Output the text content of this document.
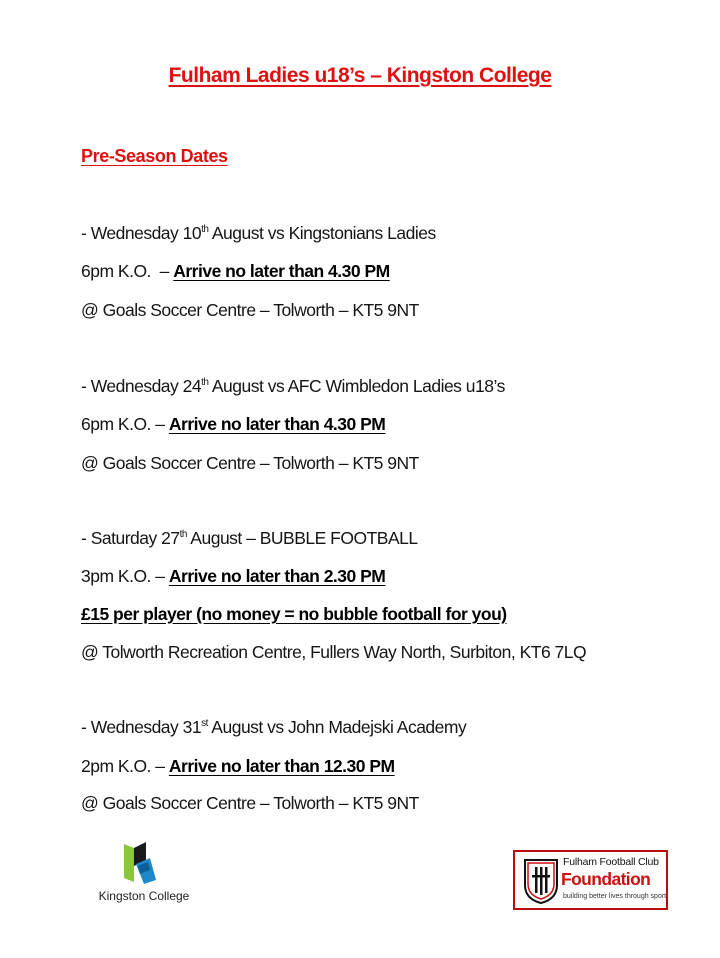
Fulham Ladies u18’s – Kingston College
Pre-Season Dates
- Wednesday 10th August vs Kingstonians Ladies
6pm K.O.  – Arrive no later than 4.30 PM
@ Goals Soccer Centre – Tolworth – KT5 9NT
- Wednesday 24th August vs AFC Wimbledon Ladies u18’s
6pm K.O. – Arrive no later than 4.30 PM
@ Goals Soccer Centre – Tolworth – KT5 9NT
- Saturday 27th August – BUBBLE FOOTBALL
3pm K.O. – Arrive no later than 2.30 PM
£15 per player (no money = no bubble football for you)
@ Tolworth Recreation Centre, Fullers Way North, Surbiton, KT6 7LQ
- Wednesday 31st August vs John Madejski Academy
2pm K.O. – Arrive no later than 12.30 PM
@ Goals Soccer Centre – Tolworth – KT5 9NT
Kingston College
Fulham Football Club
Foundation
building better lives through sport
